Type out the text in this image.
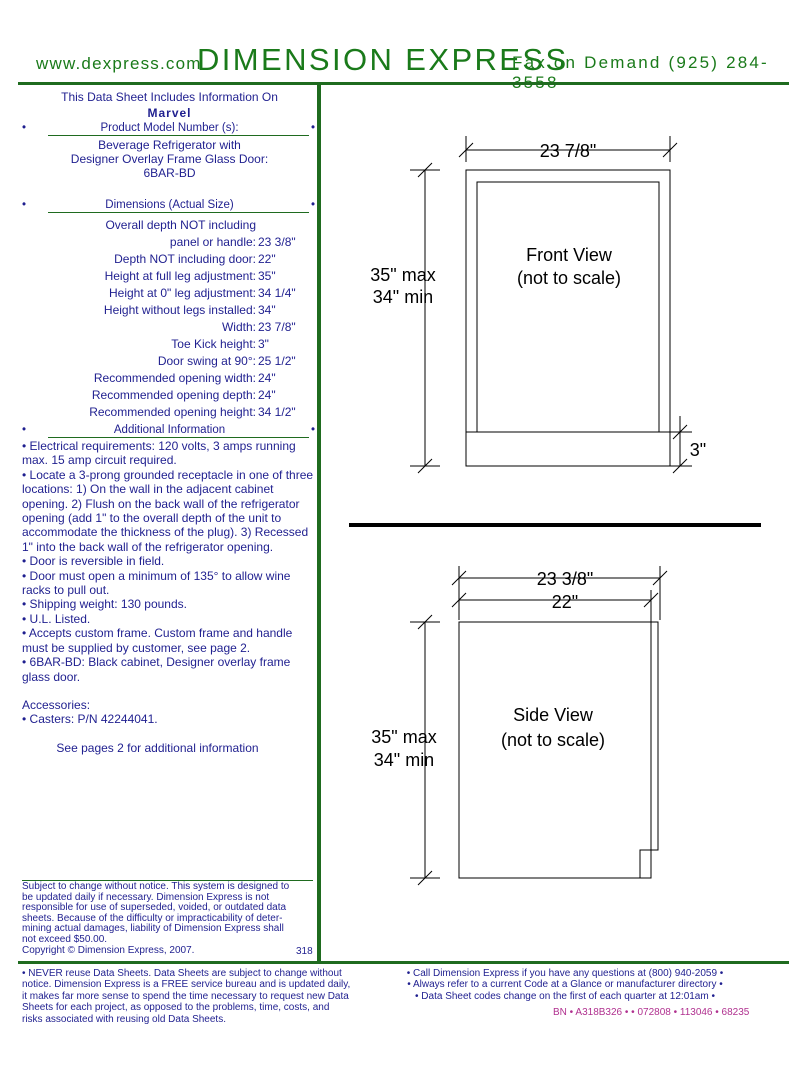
www.dexpress.com
DIMENSION EXPRESS
Fax on Demand (925) 284-
This Data Sheet Includes Information On
Marvel
•	Product Model Number (s):	•
Beverage Refrigerator with
Designer Overlay Frame Glass Door:
6BAR-BD
•	Dimensions (Actual Size)	•
Overall depth NOT including
panel or handle: 23 3/8"
Depth NOT including door: 22"
Height at full leg adjustment: 35"
Height at 0" leg adjustment: 34 1/4"
Height without legs installed: 34"
Width: 23 7/8"
Toe Kick height: 3"
Door swing at 90°: 25 1/2"
Recommended opening width: 24"
Recommended opening depth: 24"
Recommended opening height: 34 1/2"
•	Additional Information	•

• Electrical requirements: 120 volts, 3 amps running max. 15 amp circuit required.

• Locate a 3-prong grounded receptacle in one of three locations: 1) On the wall in the adjacent cabinet opening. 2) Flush on the back wall of the refrigerator opening (add 1" to the overall depth of the unit to accommodate the thickness of the plug). 3) Recessed 1" into the back wall of the refrigerator opening.

• Door is reversible in field.

• Door must open a minimum of 135° to allow wine racks to pull out.

• Shipping weight: 130 pounds.

• U.L. Listed.

• Accepts custom frame. Custom frame and handle must be supplied by customer, see page 2.

• 6BAR-BD: Black cabinet, Designer overlay frame glass door.

Accessories:

• Casters: P/N 42244041.

See pages 2 for additional information
Subject to change without notice. This system is designed to be updated daily if necessary. Dimension Express is not responsible for use of superseded, voided, or outdated data sheets. Because of the difficulty or impracticability of deter-mining actual damages, liability of Dimension Express shall not exceed $50.00.
Copyright © Dimension Express, 2007.	318
23 7/8"
35" max
34" min
Front View
(not to scale)
3"
23 3/8"
22"
35" max
34" min
Side View
(not to scale)
• NEVER reuse Data Sheets. Data Sheets are subject to change without notice. Dimension Express is a FREE service bureau and is updated daily, it makes far more sense to spend the time necessary to request new Data Sheets for each project, as opposed to the problems, time, costs, and risks associated with reusing old Data Sheets.
• Call Dimension Express if you have any questions at (800) 940-2059 •
• Always refer to a current Code at a Glance or manufacturer directory •
• Data Sheet codes change on the first of each quarter at 12:01am •
BN • A318B326 • • 072808 • 113046 • 68235
